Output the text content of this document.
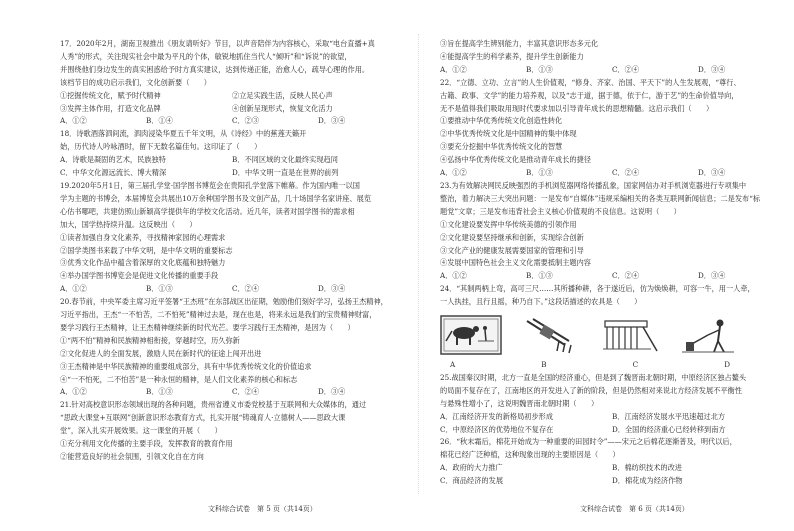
17．2020年2月，湖南卫视推出《朋友请听好》节目，以声音陪伴为内容核心，采取“电台直播+真
人秀”的形式，关注现实社会中最为平凡的个体，敏锐地抓住当代人“倾听”和“诉说”的欲望，
并围绕他们身边发生的真实困惑给予时方真实建议，达到传递正能，治愈人心，疏导心理的作用。
该档节目的成功启示我们，文化创新要（　　）
①挖掘传统文化，赋予时代精神	②立足实践生活，反映人民心声
③发挥主体作用，打造文化品牌	④创新呈现形式，恢复文化活力
A．①②	B．①④	C．②③	D．③④
18．诗歌酒落泗间流，泗肉浸染华夏五千年文明，从《诗经》中的蕉莲天籁开
始，历代诗人吟咏酒时，留下无数名篇佳句。这印证了（　　）
A．诗歌是凝固的艺术，民族独特	B．不同区域的文化最终实现趋同
C．中华文化源远流长、博大精深	D．中华文明一直是在世界的前列
19.2020年5月1日，第三届孔学堂·国学图书博览会在贵阳孔学堂落下帷幕。作为国内唯一以国
学为主题的书博会，本届博览会共展出10万余种国学图书及文创产品，几十场国学名家讲座、展览
心估书哪吧，共建仿照山新颖高学提供年的学校文化活动。近几年，读者对国学图书的需求相
加大，国学热持续升温。这反映出（　　）
①读者加强自身文化素养，寻找精神家园的心理需求
②国学类图书来载了中华文明，是中华文明的重要标志
③优秀文化作品中蕴含着深厚的文化底蕴和独特魅力
④举办国学图书博览会是促进文化传播的重要手段
A．①②	B．①③	C．②④	D．③④
20.春节前，中央军委主席习近平签署“王杰班”在东部战区出征期，勉励他们刻好学习，弘扬王杰精神，
习近平指出，王杰“一不怕苦，二不怕死”精神过去是，现在也是，将来永远是我们的宝贵精神财富，
要学习践行王杰精神，让王杰精神继续新的时代光芒。要学习践行王杰精神，是因为（　　）
①“两不怕”精神和民族精神相衔接，穿越时空，历久弥新
②文化促进人的全面发展，激励人民在新时代的征途上闯开出进
③王杰精神是中华民族精神的重要组成部分，具有中华优秀传统文化的价值追求
④“一不怕死，二不怕苦”是一种永恒的精神，是人们文化素养的核心和标志
A．①②	B．①③	C．②④	D．③④
21.针对高校意识形态领域出现的各种问题，贵州省遵义市委党校基于互联网和大众媒体的，通过
“思政大课堂+互联网”创新意识形态教育方式，扎实开展“铸魂育人·立德树人——思政大课
堂”，深入扎实开展效果。这一课堂的开展（　　）
①充分利用文化传播的主要手段，发挥教育的教育作用
②能营造良好的社会氛围，引领文化自在方向
文科综合试卷　第 5 页（共14页）
③旨在提高学生辨别能力，丰富其意识形态多元化
④能提高学生的科学素养，提升学生创新能力
A．①②	B．①③	C．②④	D．③④
22．“立德、立功、立言”的人生价值观，“修身、齐家、治国、平天下”的人生发展观，“尊行、
古籍、政事、文学”的能力培养观，以及“志于道，据于德，依于仁，游于艺”的生命价值导向，
无不是值得我们吸取用现时代要求加以引导青年成长的思想精髓。这启示我们（　　）
①要推动中华优秀传统文化创造性转化
②中华优秀传统文化是中国精神的集中体现
③要充分挖掘中华优秀传统文化的智慧
④弘扬中华优秀传统文化是推动青年成长的捷径
A．①②	B．①③	C．②④	D．③④
23.为有效解决网民反映强烈的手机浏览器网络传播乱象，国家网信办对手机浏览器进行专项集中
整治，着力解决三大突出问题：一是发布“自媒体”违规采编相关的各类互联网新闻信息；二是发布“标
题党”文章；三是发布违背社会主义核心价值观的不良信息。这说明（　　）
①文化建设要发挥中华传统美德的引领作用
②文化建设要坚持继承和创新，实现综合创新
③文化产业的健康发展需要国家的管理和引导
④发展中国特色社会主义文化需要抵制主题内容
A．①②	B．①③	C．②④	D．③④
24．“其制两柄上弯，高可三尺……其所播种耕，各于遂近后，仿为焕焕耕，可容一牛，用一人牵，
一人执挂，且行且摇，种乃自下。”这段话描述的农具是（　　）
A	B	C	D
25.战国秦汉时期，北方一直是全国的经济重心，但是到了魏晋南北朝时期，中原经济区独占鳌头
的局面不复存在了，江南地区的开发进入了新的阶段，但是仍然相对来说北方经济发展不平衡性
与悬殊性增小了，这说明魏晋南北朝时期（　　）
A．江南经济开发的新格局初步形成	B．江南经济发展水平迅速超过北方
C．中原经济区的优势地位不复存在	D．全国的经济重心已经转移到南方
26．“秋末霜后，棉花开始成为一种重要的田园时令”——宋元之后棉花逐渐普及，明代以后，
棉花已经广泛种植，这种现象出现的主要原因是（　　）
A．政府的大力推广	B．棉纺织技术的改进
C．商品经济的发展	D．棉花成为经济作物
文科综合试卷　第 6 页（共14页）
